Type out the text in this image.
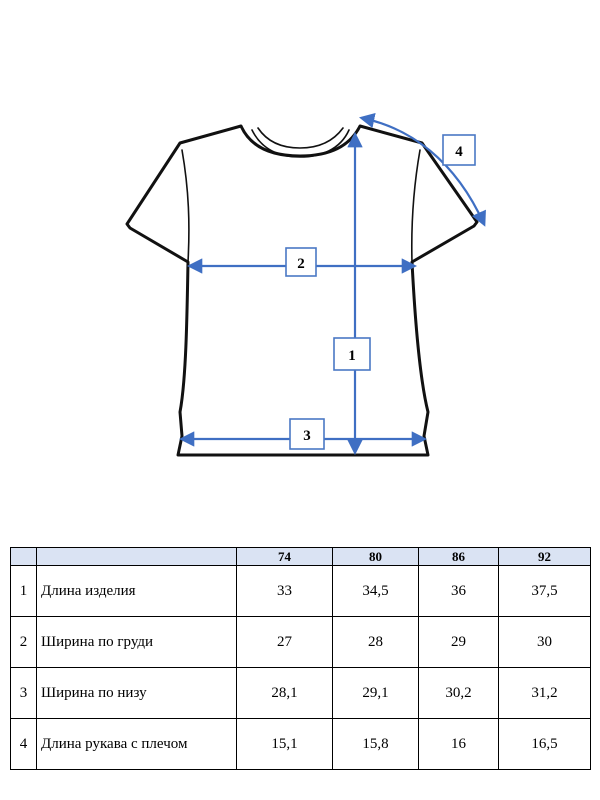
2
1
3
4
		74	80	86	92
1	Длина изделия	33	34,5	36	37,5
2	Ширина по груди	27	28	29	30
3	Ширина по низу	28,1	29,1	30,2	31,2
4	Длина рукава с плечом	15,1	15,8	16	16,5
